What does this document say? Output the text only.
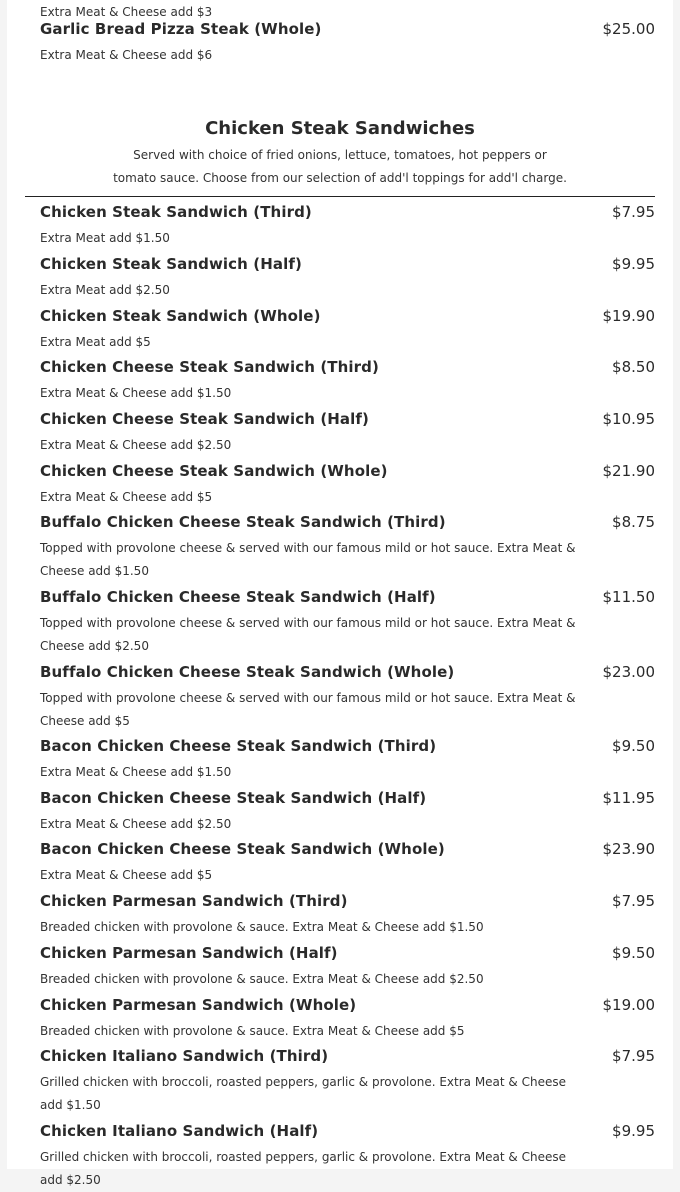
Extra Meat & Cheese add $3
Garlic Bread Pizza Steak (Whole)	$25.00
Extra Meat & Cheese add $6
Chicken Steak Sandwiches
Served with choice of fried onions, lettuce, tomatoes, hot peppers or tomato sauce. Choose from our selection of add'l toppings for add'l charge.
Chicken Steak Sandwich (Third)	$7.95
Extra Meat add $1.50
Chicken Steak Sandwich (Half)	$9.95
Extra Meat add $2.50
Chicken Steak Sandwich (Whole)	$19.90
Extra Meat add $5
Chicken Cheese Steak Sandwich (Third)	$8.50
Extra Meat & Cheese add $1.50
Chicken Cheese Steak Sandwich (Half)	$10.95
Extra Meat & Cheese add $2.50
Chicken Cheese Steak Sandwich (Whole)	$21.90
Extra Meat & Cheese add $5
Buffalo Chicken Cheese Steak Sandwich (Third)	$8.75
Topped with provolone cheese & served with our famous mild or hot sauce. Extra Meat & Cheese add $1.50
Buffalo Chicken Cheese Steak Sandwich (Half)	$11.50
Topped with provolone cheese & served with our famous mild or hot sauce. Extra Meat & Cheese add $2.50
Buffalo Chicken Cheese Steak Sandwich (Whole)	$23.00
Topped with provolone cheese & served with our famous mild or hot sauce. Extra Meat & Cheese add $5
Bacon Chicken Cheese Steak Sandwich (Third)	$9.50
Extra Meat & Cheese add $1.50
Bacon Chicken Cheese Steak Sandwich (Half)	$11.95
Extra Meat & Cheese add $2.50
Bacon Chicken Cheese Steak Sandwich (Whole)	$23.90
Extra Meat & Cheese add $5
Chicken Parmesan Sandwich (Third)	$7.95
Breaded chicken with provolone & sauce. Extra Meat & Cheese add $1.50
Chicken Parmesan Sandwich (Half)	$9.50
Breaded chicken with provolone & sauce. Extra Meat & Cheese add $2.50
Chicken Parmesan Sandwich (Whole)	$19.00
Breaded chicken with provolone & sauce. Extra Meat & Cheese add $5
Chicken Italiano Sandwich (Third)	$7.95
Grilled chicken with broccoli, roasted peppers, garlic & provolone. Extra Meat & Cheese add $1.50
Chicken Italiano Sandwich (Half)	$9.95
Grilled chicken with broccoli, roasted peppers, garlic & provolone. Extra Meat & Cheese add $2.50
